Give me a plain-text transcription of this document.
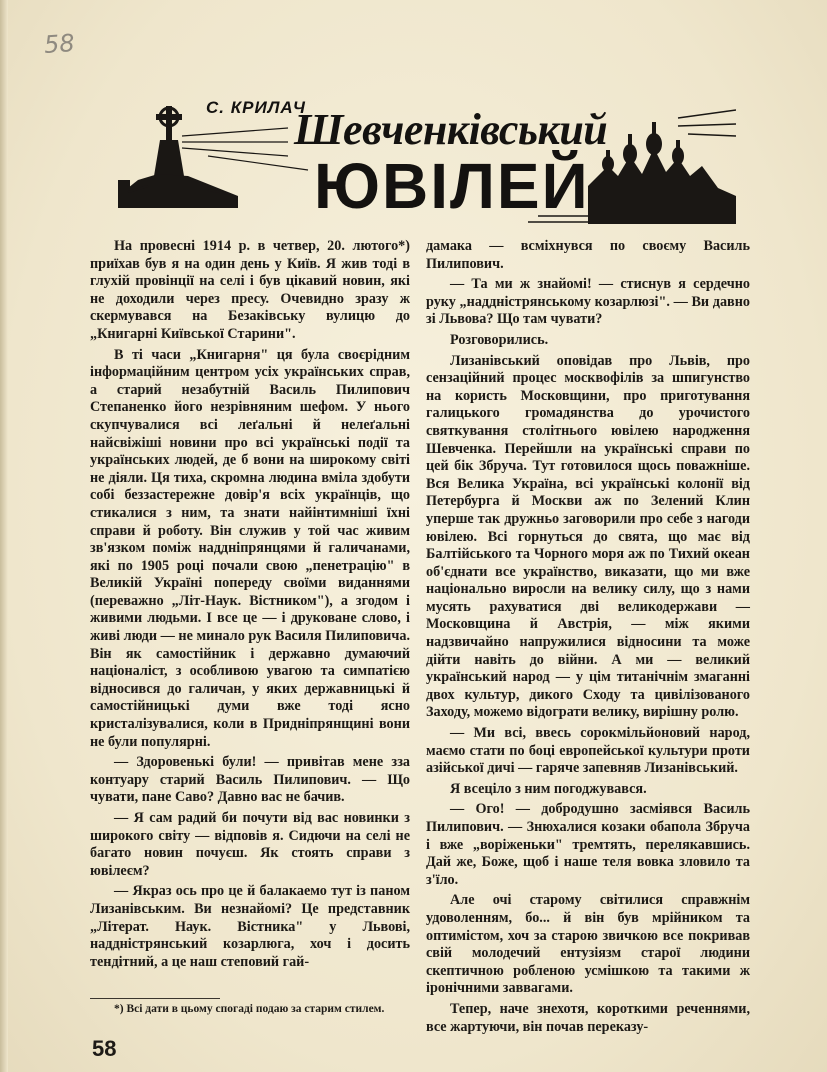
58
С. КРИЛАЧ
Шевченківський
ЮВІЛЕЙ

На провесні 1914 р. в четвер, 20. лютого*) приїхав був я на один день у Київ. Я жив тоді в глухій провінції на селі і був цікавий новин, які не доходили через пресу. Очевидно зразу ж скермувався на Безаківську вулицю до „Книгарні Київської Старини".

В ті часи „Книгарня" ця була своєрідним інформаційним центром усіх українських справ, а старий незабутній Василь Пилипович Степаненко його незрівняним шефом. У нього скупчувалися всі леґальні й нелеґальні найсвіжіші новини про всі українські події та українських людей, де б вони на широкому світі не діяли. Ця тиха, скромна людина вміла здобути собі беззастережне довір'я всіх українців, що стикалися з ним, та знати найінтимніші їхні справи й роботу. Він служив у той час живим зв'язком поміж наддніпрянцями й галичанами, які по 1905 році почали свою „пенетрацію" в Великій Україні попереду своїми виданнями (переважно „Літ-Наук. Вістником"), а згодом і живими людьми. І все це — і друковане слово, і живі люди — не минало рук Василя Пилиповича. Він як самостійник і державно думаючий націоналіст, з особливою увагою та симпатією відносився до галичан, у яких державницькі й самостійницькі думи вже тоді ясно кристалізувалися, коли в Придніпрянщині вони не були популярні.

— Здоровенькі були! — привітав мене зза контуару старий Василь Пилипович. — Що чувати, пане Саво? Давно вас не бачив.

— Я сам радий би почути від вас новинки з широкого світу — відповів я. Сидючи на селі не багато новин почуєш. Як стоять справи з ювілеєм?

— Якраз ось про це й балакаемо тут із паном Лизанівським. Ви незнайомі? Це представник „Літерат. Наук. Вістника" у Львові, наддністрянський козарлюга, хоч і досить тендітний, а це наш степовий гай-

*) Всі дати в цьому спогаді подаю за старим стилем.
58

дамака — всміхнувся по своєму Василь Пилипович.

— Та ми ж знайомі! — стиснув я сердечно руку „наддністрянському козарлюзі". — Ви давно зі Львова? Що там чувати?

Розговорились.

Лизанівський оповідав про Львів, про сензаційний процес москвофілів за шпигунство на користь Московщини, про приготування галицького громадянства до урочистого святкування столітнього ювілею народження Шевченка. Перейшли на українські справи по цей бік Збруча. Тут готовилося щось поважніше. Вся Велика Україна, всі українські колонії від Петербурга й Москви аж по Зелений Клин уперше так дружньо заговорили про себе з нагоди ювілею. Всі горнуться до свята, що має від Балтійського та Чорного моря аж по Тихий океан об'єднати все українство, виказати, що ми вже національно виросли на велику силу, що з нами мусять рахуватися дві великодержави — Московщина й Австрія, — між якими надзвичайно напружилися відносини та може дійти навіть до війни. А ми — великий український народ — у цім титанічнім змаганні двох культур, дикого Сходу та цивілізованого Заходу, можемо відограти велику, вирішну ролю.

— Ми всі, ввесь сорокмільйоновий народ, маємо стати по боці европейської культури проти азійської дичі — гаряче запевняв Лизанівський.

Я всеціло з ним погоджувався.

— Ого! — добродушно засміявся Василь Пилипович. — Знюхалися козаки обапола Збруча і вже „воріженьки" тремтять, перелякавшись. Дай же, Боже, щоб і наше теля вовка зловило та з'їло.

Але очі старому світилися справжнім удоволенням, бо... й він був мрійником та оптимістом, хоч за старою звичкою все покривав свій молодечий ентузіязм старої людини скептичною робленою усмішкою та такими ж іронічними заввагами.

Тепер, наче знехотя, короткими реченнями, все жартуючи, він почав переказу-
